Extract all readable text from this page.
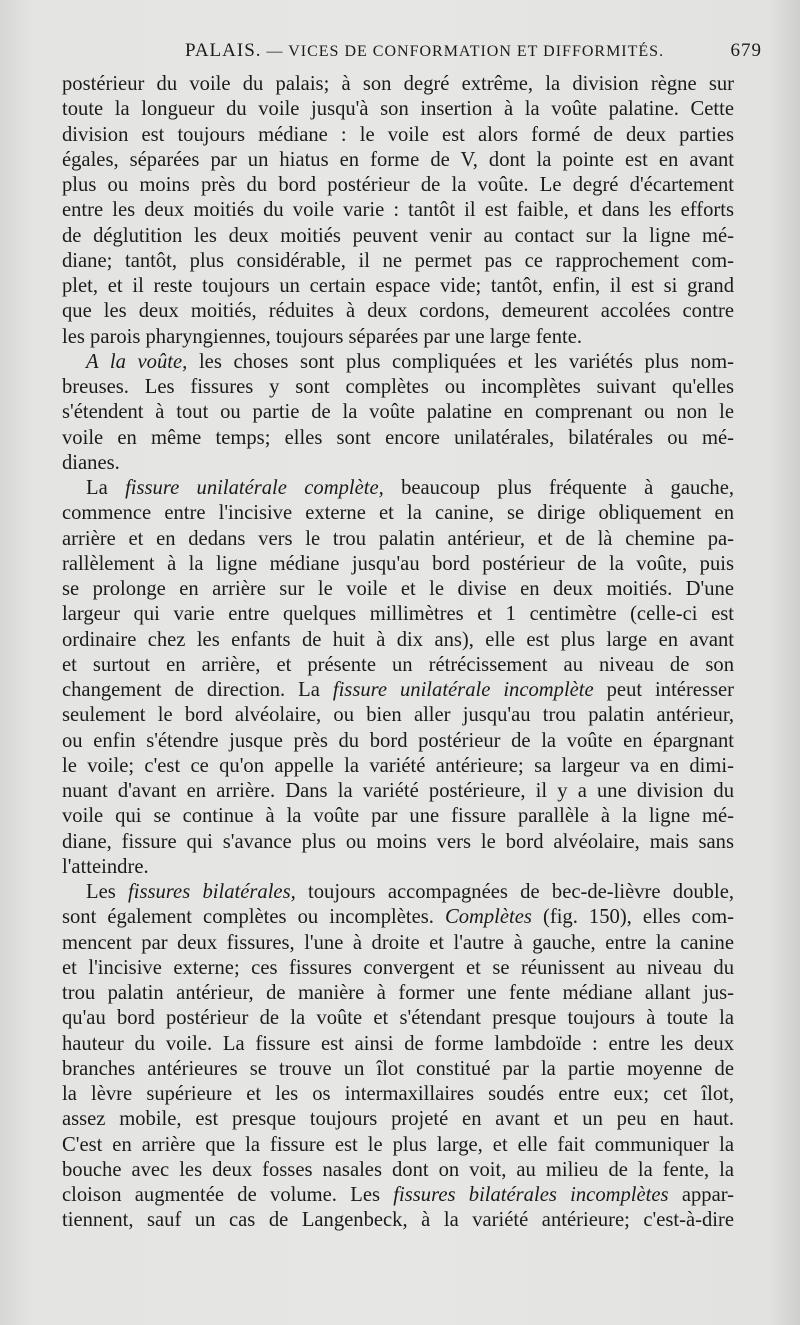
PALAIS. — VICES DE CONFORMATION ET DIFFORMITÉS.	679
postérieur du voile du palais; à son degré extrême, la division règne sur
toute la longueur du voile jusqu'à son insertion à la voûte palatine. Cette
division est toujours médiane : le voile est alors formé de deux parties
égales, séparées par un hiatus en forme de V, dont la pointe est en avant
plus ou moins près du bord postérieur de la voûte. Le degré d'écartement
entre les deux moitiés du voile varie : tantôt il est faible, et dans les efforts
de déglutition les deux moitiés peuvent venir au contact sur la ligne mé-
diane; tantôt, plus considérable, il ne permet pas ce rapprochement com-
plet, et il reste toujours un certain espace vide; tantôt, enfin, il est si grand
que les deux moitiés, réduites à deux cordons, demeurent accolées contre
les parois pharyngiennes, toujours séparées par une large fente.
A la voûte, les choses sont plus compliquées et les variétés plus nom-
breuses. Les fissures y sont complètes ou incomplètes suivant qu'elles
s'étendent à tout ou partie de la voûte palatine en comprenant ou non le
voile en même temps; elles sont encore unilatérales, bilatérales ou mé-
dianes.
La fissure unilatérale complète, beaucoup plus fréquente à gauche,
commence entre l'incisive externe et la canine, se dirige obliquement en
arrière et en dedans vers le trou palatin antérieur, et de là chemine pa-
rallèlement à la ligne médiane jusqu'au bord postérieur de la voûte, puis
se prolonge en arrière sur le voile et le divise en deux moitiés. D'une
largeur qui varie entre quelques millimètres et 1 centimètre (celle-ci est
ordinaire chez les enfants de huit à dix ans), elle est plus large en avant
et surtout en arrière, et présente un rétrécissement au niveau de son
changement de direction. La fissure unilatérale incomplète peut intéresser
seulement le bord alvéolaire, ou bien aller jusqu'au trou palatin antérieur,
ou enfin s'étendre jusque près du bord postérieur de la voûte en épargnant
le voile; c'est ce qu'on appelle la variété antérieure; sa largeur va en dimi-
nuant d'avant en arrière. Dans la variété postérieure, il y a une division du
voile qui se continue à la voûte par une fissure parallèle à la ligne mé-
diane, fissure qui s'avance plus ou moins vers le bord alvéolaire, mais sans
l'atteindre.
Les fissures bilatérales, toujours accompagnées de bec-de-lièvre double,
sont également complètes ou incomplètes. Complètes (fig. 150), elles com-
mencent par deux fissures, l'une à droite et l'autre à gauche, entre la canine
et l'incisive externe; ces fissures convergent et se réunissent au niveau du
trou palatin antérieur, de manière à former une fente médiane allant jus-
qu'au bord postérieur de la voûte et s'étendant presque toujours à toute la
hauteur du voile. La fissure est ainsi de forme lambdoïde : entre les deux
branches antérieures se trouve un îlot constitué par la partie moyenne de
la lèvre supérieure et les os intermaxillaires soudés entre eux; cet îlot,
assez mobile, est presque toujours projeté en avant et un peu en haut.
C'est en arrière que la fissure est le plus large, et elle fait communiquer la
bouche avec les deux fosses nasales dont on voit, au milieu de la fente, la
cloison augmentée de volume. Les fissures bilatérales incomplètes appar-
tiennent, sauf un cas de Langenbeck, à la variété antérieure; c'est-à-dire
